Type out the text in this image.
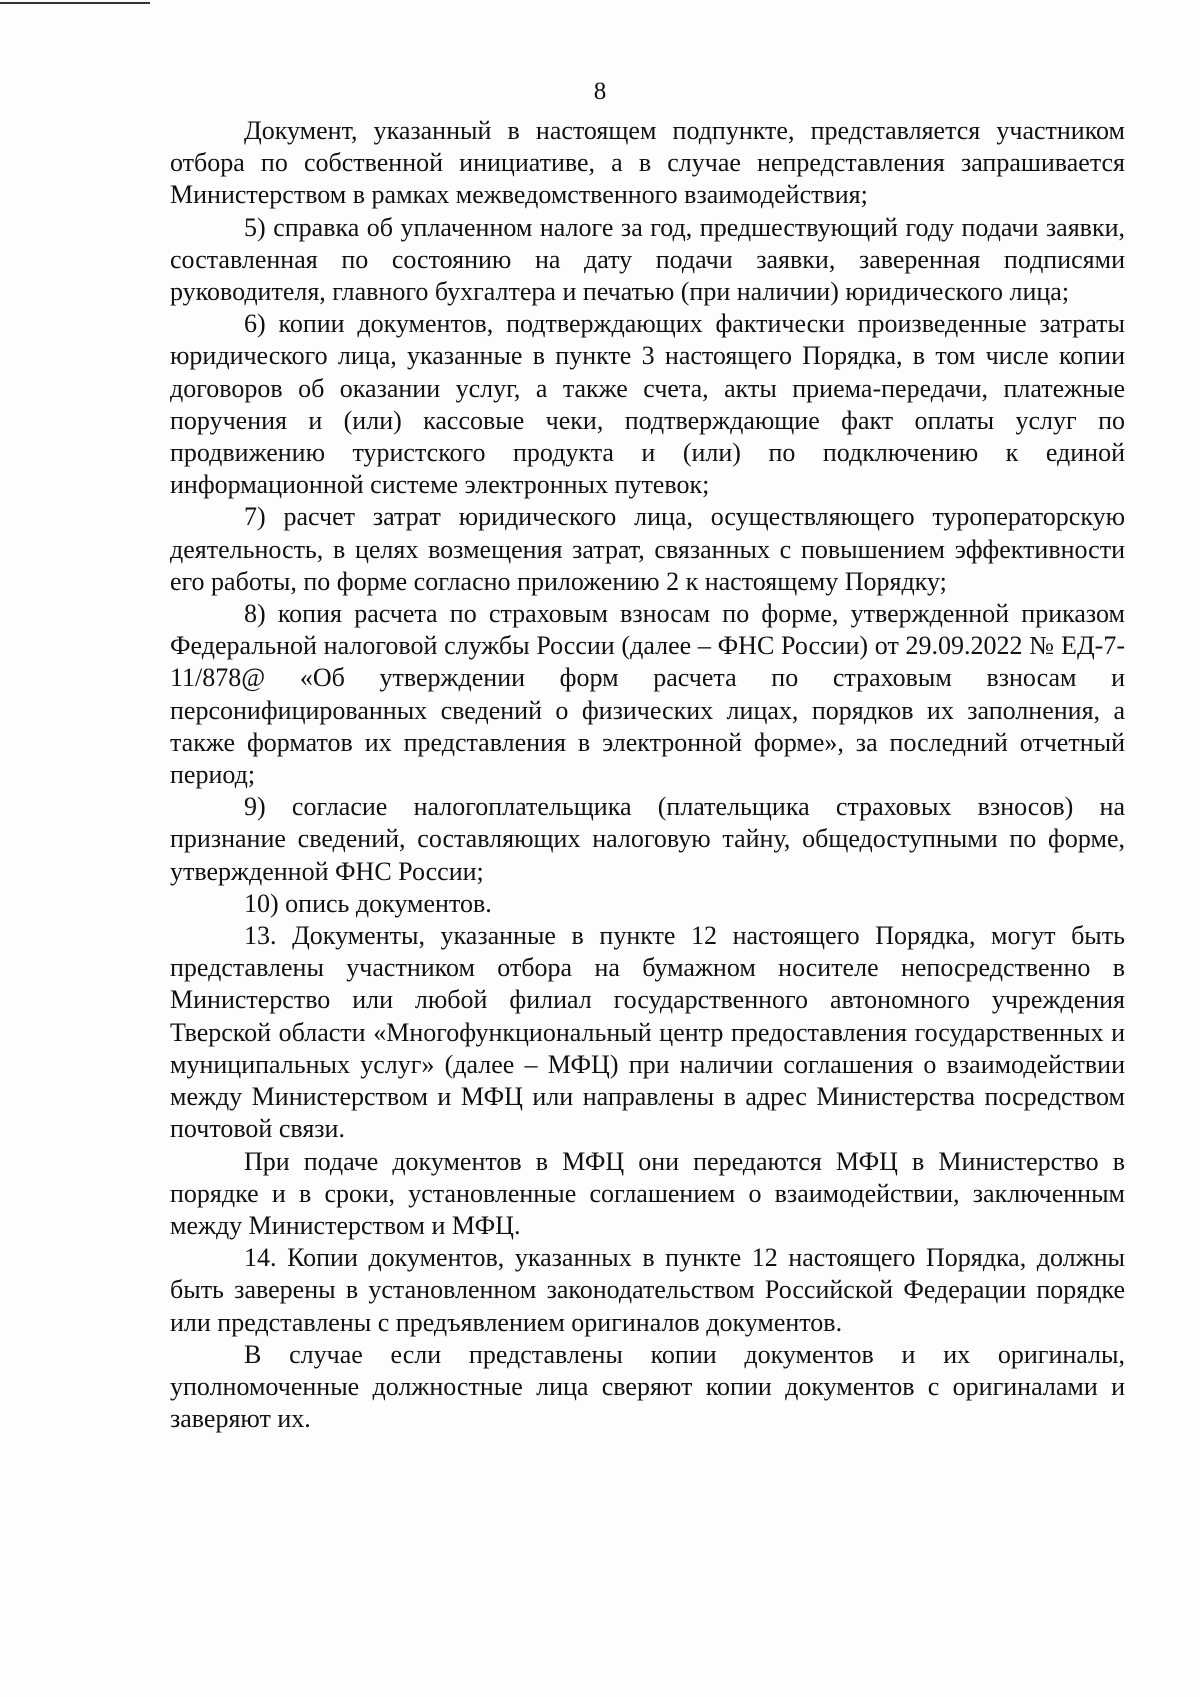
8

Документ, указанный в настоящем подпункте, представляется участником отбора по собственной инициативе, а в случае непредставления запрашивается Министерством в рамках межведомственного взаимодействия;

5) справка об уплаченном налоге за год, предшествующий году подачи заявки, составленная по состоянию на дату подачи заявки, заверенная подписями руководителя, главного бухгалтера и печатью (при наличии) юридического лица;

6) копии документов, подтверждающих фактически произведенные затраты юридического лица, указанные в пункте 3 настоящего Порядка, в том числе копии договоров об оказании услуг, а также счета, акты приема-передачи, платежные поручения и (или) кассовые чеки, подтверждающие факт оплаты услуг по продвижению туристского продукта и (или) по подключению к единой информационной системе электронных путевок;

7) расчет затрат юридического лица, осуществляющего туроператорскую деятельность, в целях возмещения затрат, связанных с повышением эффективности его работы, по форме согласно приложению 2 к настоящему Порядку;

8) копия расчета по страховым взносам по форме, утвержденной приказом Федеральной налоговой службы России (далее – ФНС России) от 29.09.2022 № ЕД-7-11/878@ «Об утверждении форм расчета по страховым взносам и персонифицированных сведений о физических лицах, порядков их заполнения, а также форматов их представления в электронной форме», за последний отчетный период;

9) согласие налогоплательщика (плательщика страховых взносов) на признание сведений, составляющих налоговую тайну, общедоступными по форме, утвержденной ФНС России;

10) опись документов.

13. Документы, указанные в пункте 12 настоящего Порядка, могут быть представлены участником отбора на бумажном носителе непосредственно в Министерство или любой филиал государственного автономного учреждения Тверской области «Многофункциональный центр предоставления государственных и муниципальных услуг» (далее – МФЦ) при наличии соглашения о взаимодействии между Министерством и МФЦ или направлены в адрес Министерства посредством почтовой связи.

При подаче документов в МФЦ они передаются МФЦ в Министерство в порядке и в сроки, установленные соглашением о взаимодействии, заключенным между Министерством и МФЦ.

14. Копии документов, указанных в пункте 12 настоящего Порядка, должны быть заверены в установленном законодательством Российской Федерации порядке или представлены с предъявлением оригиналов документов.

В случае если представлены копии документов и их оригиналы, уполномоченные должностные лица сверяют копии документов с оригиналами и заверяют их.
